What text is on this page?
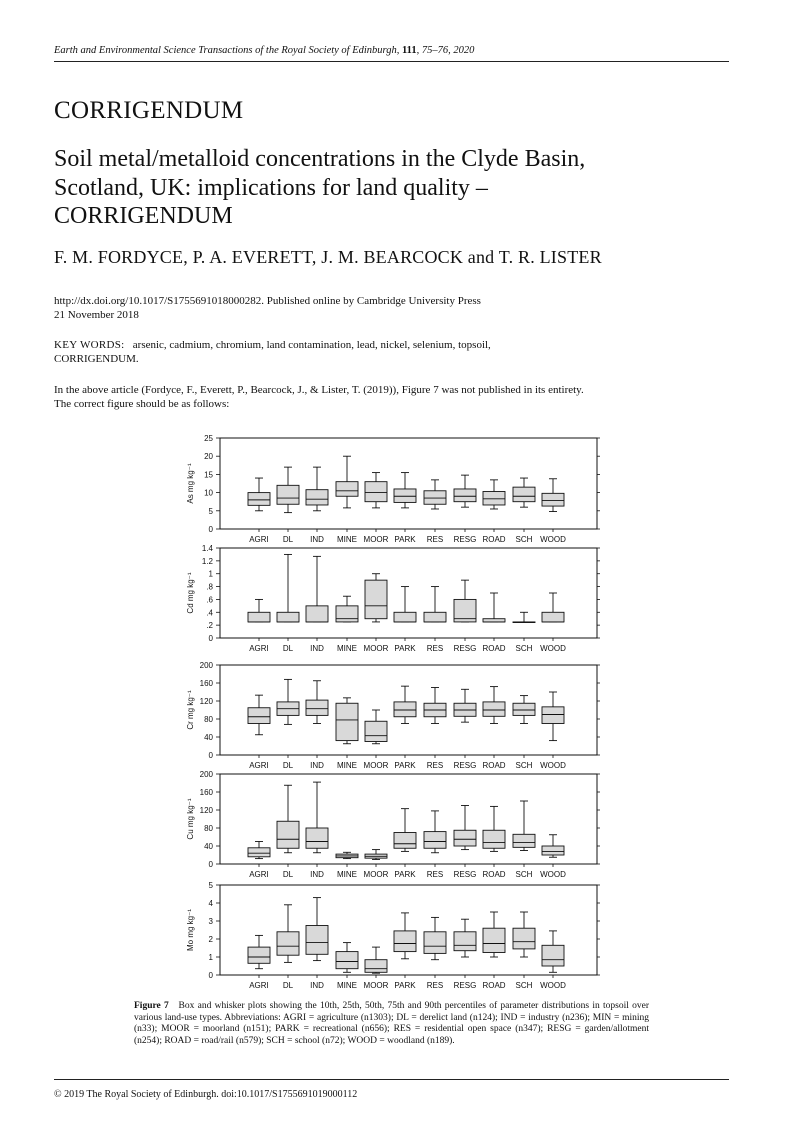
Earth and Environmental Science Transactions of the Royal Society of Edinburgh, 111, 75–76, 2020
CORRIGENDUM
Soil metal/metalloid concentrations in the Clyde Basin,
Scotland, UK: implications for land quality –
CORRIGENDUM
F. M. FORDYCE, P. A. EVERETT, J. M. BEARCOCK and T. R. LISTER
http://dx.doi.org/10.1017/S1755691018000282. Published online by Cambridge University Press
21 November 2018
KEY WORDS: arsenic, cadmium, chromium, land contamination, lead, nickel, selenium, topsoil,
CORRIGENDUM.
In the above article (Fordyce, F., Everett, P., Bearcock, J., & Lister, T. (2019)), Figure 7 was not published in its entirety.
The correct figure should be as follows:
0
5
10
15
20
25
As mg kg⁻¹
AGRI DL IND MINE MOOR PARK RES RESG ROAD SCH WOOD
0
.2
.4
.6
.8
1
1.2
1.4
Cd mg kg⁻¹
AGRI DL IND MINE MOOR PARK RES RESG ROAD SCH WOOD
0
40
80
120
160
200
Cr mg kg⁻¹
AGRI DL IND MINE MOOR PARK RES RESG ROAD SCH WOOD
0
40
80
120
160
200
Cu mg kg⁻¹
AGRI DL IND MINE MOOR PARK RES RESG ROAD SCH WOOD
0
1
2
3
4
5
Mo mg kg⁻¹
AGRI DL IND MINE MOOR PARK RES RESG ROAD SCH WOOD
Figure 7 Box and whisker plots showing the 10th, 25th, 50th, 75th and 90th percentiles of parameter distributions in topsoil over various land-use types. Abbreviations: AGRI = agriculture (n1303); DL = derelict land (n124); IND = industry (n236); MIN = mining (n33); MOOR = moorland (n151); PARK = recreational (n656); RES = residential open space (n347); RESG = garden/allotment (n254); ROAD = road/rail (n579); SCH = school (n72); WOOD = woodland (n189).
© 2019 The Royal Society of Edinburgh. doi:10.1017/S1755691019000112
